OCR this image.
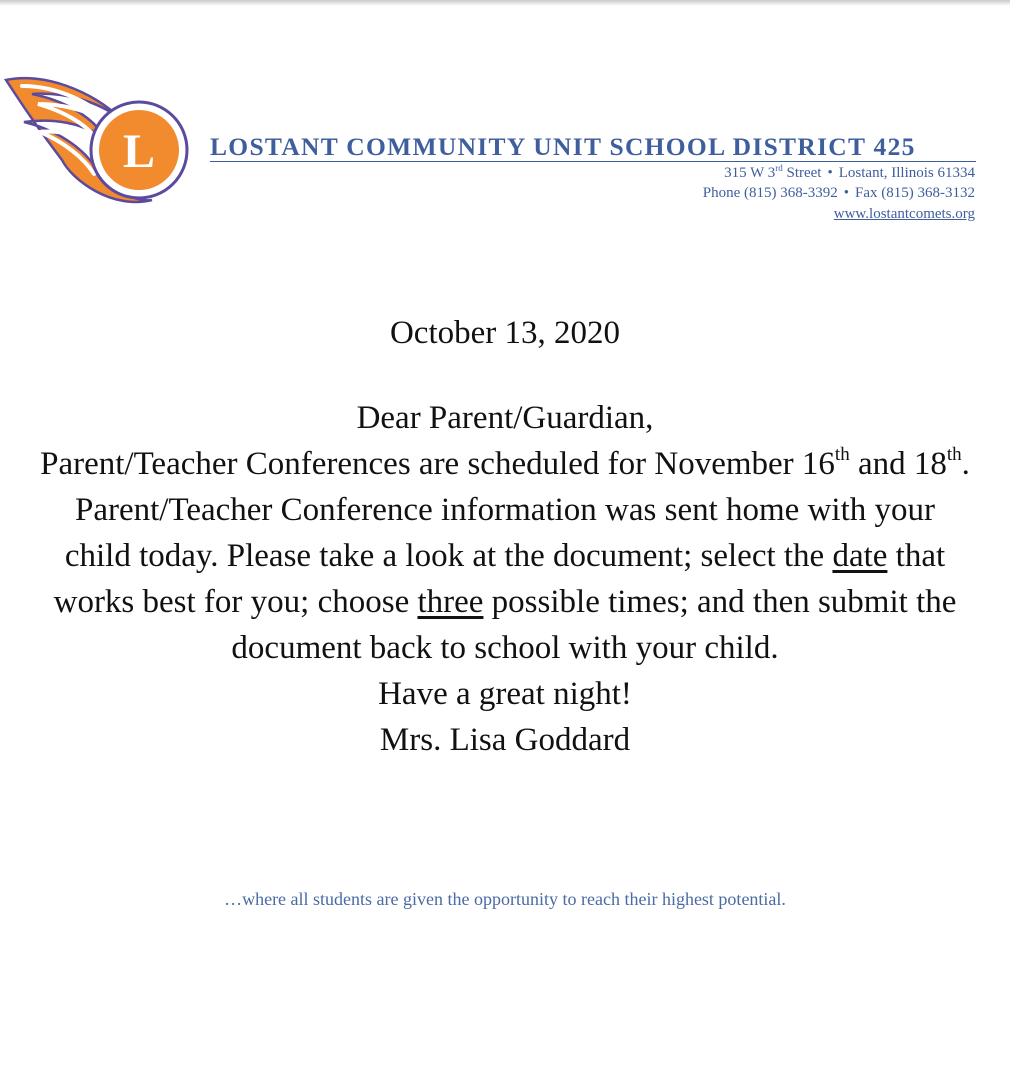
L LOSTANT COMMUNITY UNIT SCHOOL DISTRICT 425
315 W 3rd Street • Lostant, Illinois 61334
Phone (815) 368-3392 • Fax (815) 368-3132
www.lostantcomets.org
October 13, 2020

Dear Parent/Guardian,

Parent/Teacher Conferences are scheduled for November 16th and 18th. Parent/Teacher Conference information was sent home with your child today. Please take a look at the document; select the date that works best for you; choose three possible times; and then submit the document back to school with your child.

Have a great night!

Mrs. Lisa Goddard

…where all students are given the opportunity to reach their highest potential.
